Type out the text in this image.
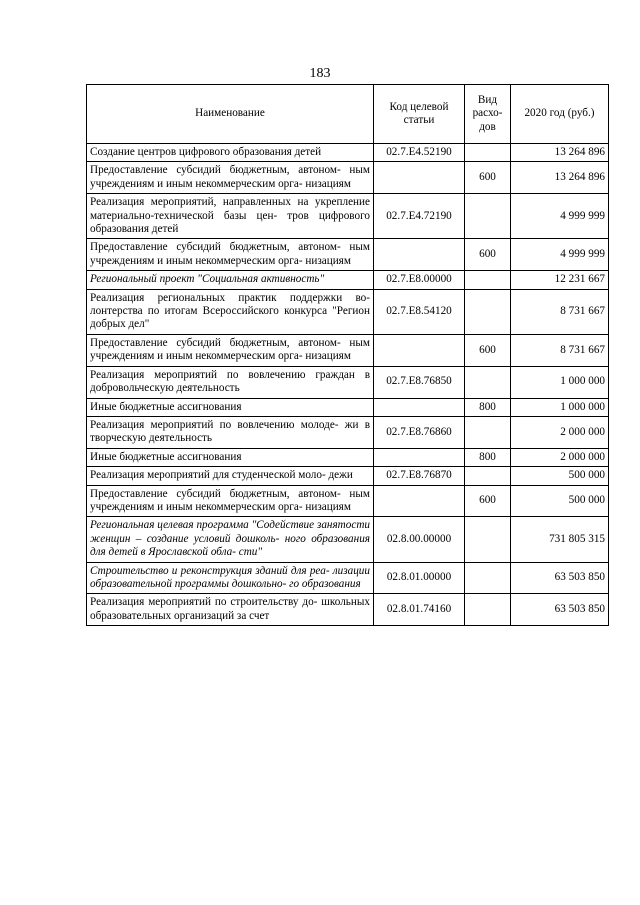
183
Наименование	Код целевой статьи	Вид расхо- дов	2020 год (руб.)
Создание центров цифрового образования детей	02.7.E4.52190		13 264 896
Предоставление субсидий бюджетным, автоном- ным учреждениям и иным некоммерческим орга- низациям		600	13 264 896
Реализация мероприятий, направленных на укрепление материально-технической базы цен- тров цифрового образования детей	02.7.E4.72190		4 999 999
Предоставление субсидий бюджетным, автоном- ным учреждениям и иным некоммерческим орга- низациям		600	4 999 999
Региональный проект "Социальная активность"	02.7.E8.00000		12 231 667
Реализация региональных практик поддержки во- лонтерства по итогам Всероссийского конкурса "Регион добрых дел"	02.7.E8.54120		8 731 667
Предоставление субсидий бюджетным, автоном- ным учреждениям и иным некоммерческим орга- низациям		600	8 731 667
Реализация мероприятий по вовлечению граждан в добровольческую деятельность	02.7.E8.76850		1 000 000
Иные бюджетные ассигнования		800	1 000 000
Реализация мероприятий по вовлечению молоде- жи в творческую деятельность	02.7.E8.76860		2 000 000
Иные бюджетные ассигнования		800	2 000 000
Реализация мероприятий для студенческой моло- дежи	02.7.E8.76870		500 000
Предоставление субсидий бюджетным, автоном- ным учреждениям и иным некоммерческим орга- низациям		600	500 000
Региональная целевая программа "Содействие занятости женщин – создание условий дошколь- ного образования для детей в Ярославской обла- сти"	02.8.00.00000		731 805 315
Строительство и реконструкция зданий для реа- лизации образовательной программы дошкольно- го образования	02.8.01.00000		63 503 850
Реализация мероприятий по строительству до- школьных образовательных организаций за счет	02.8.01.74160		63 503 850
